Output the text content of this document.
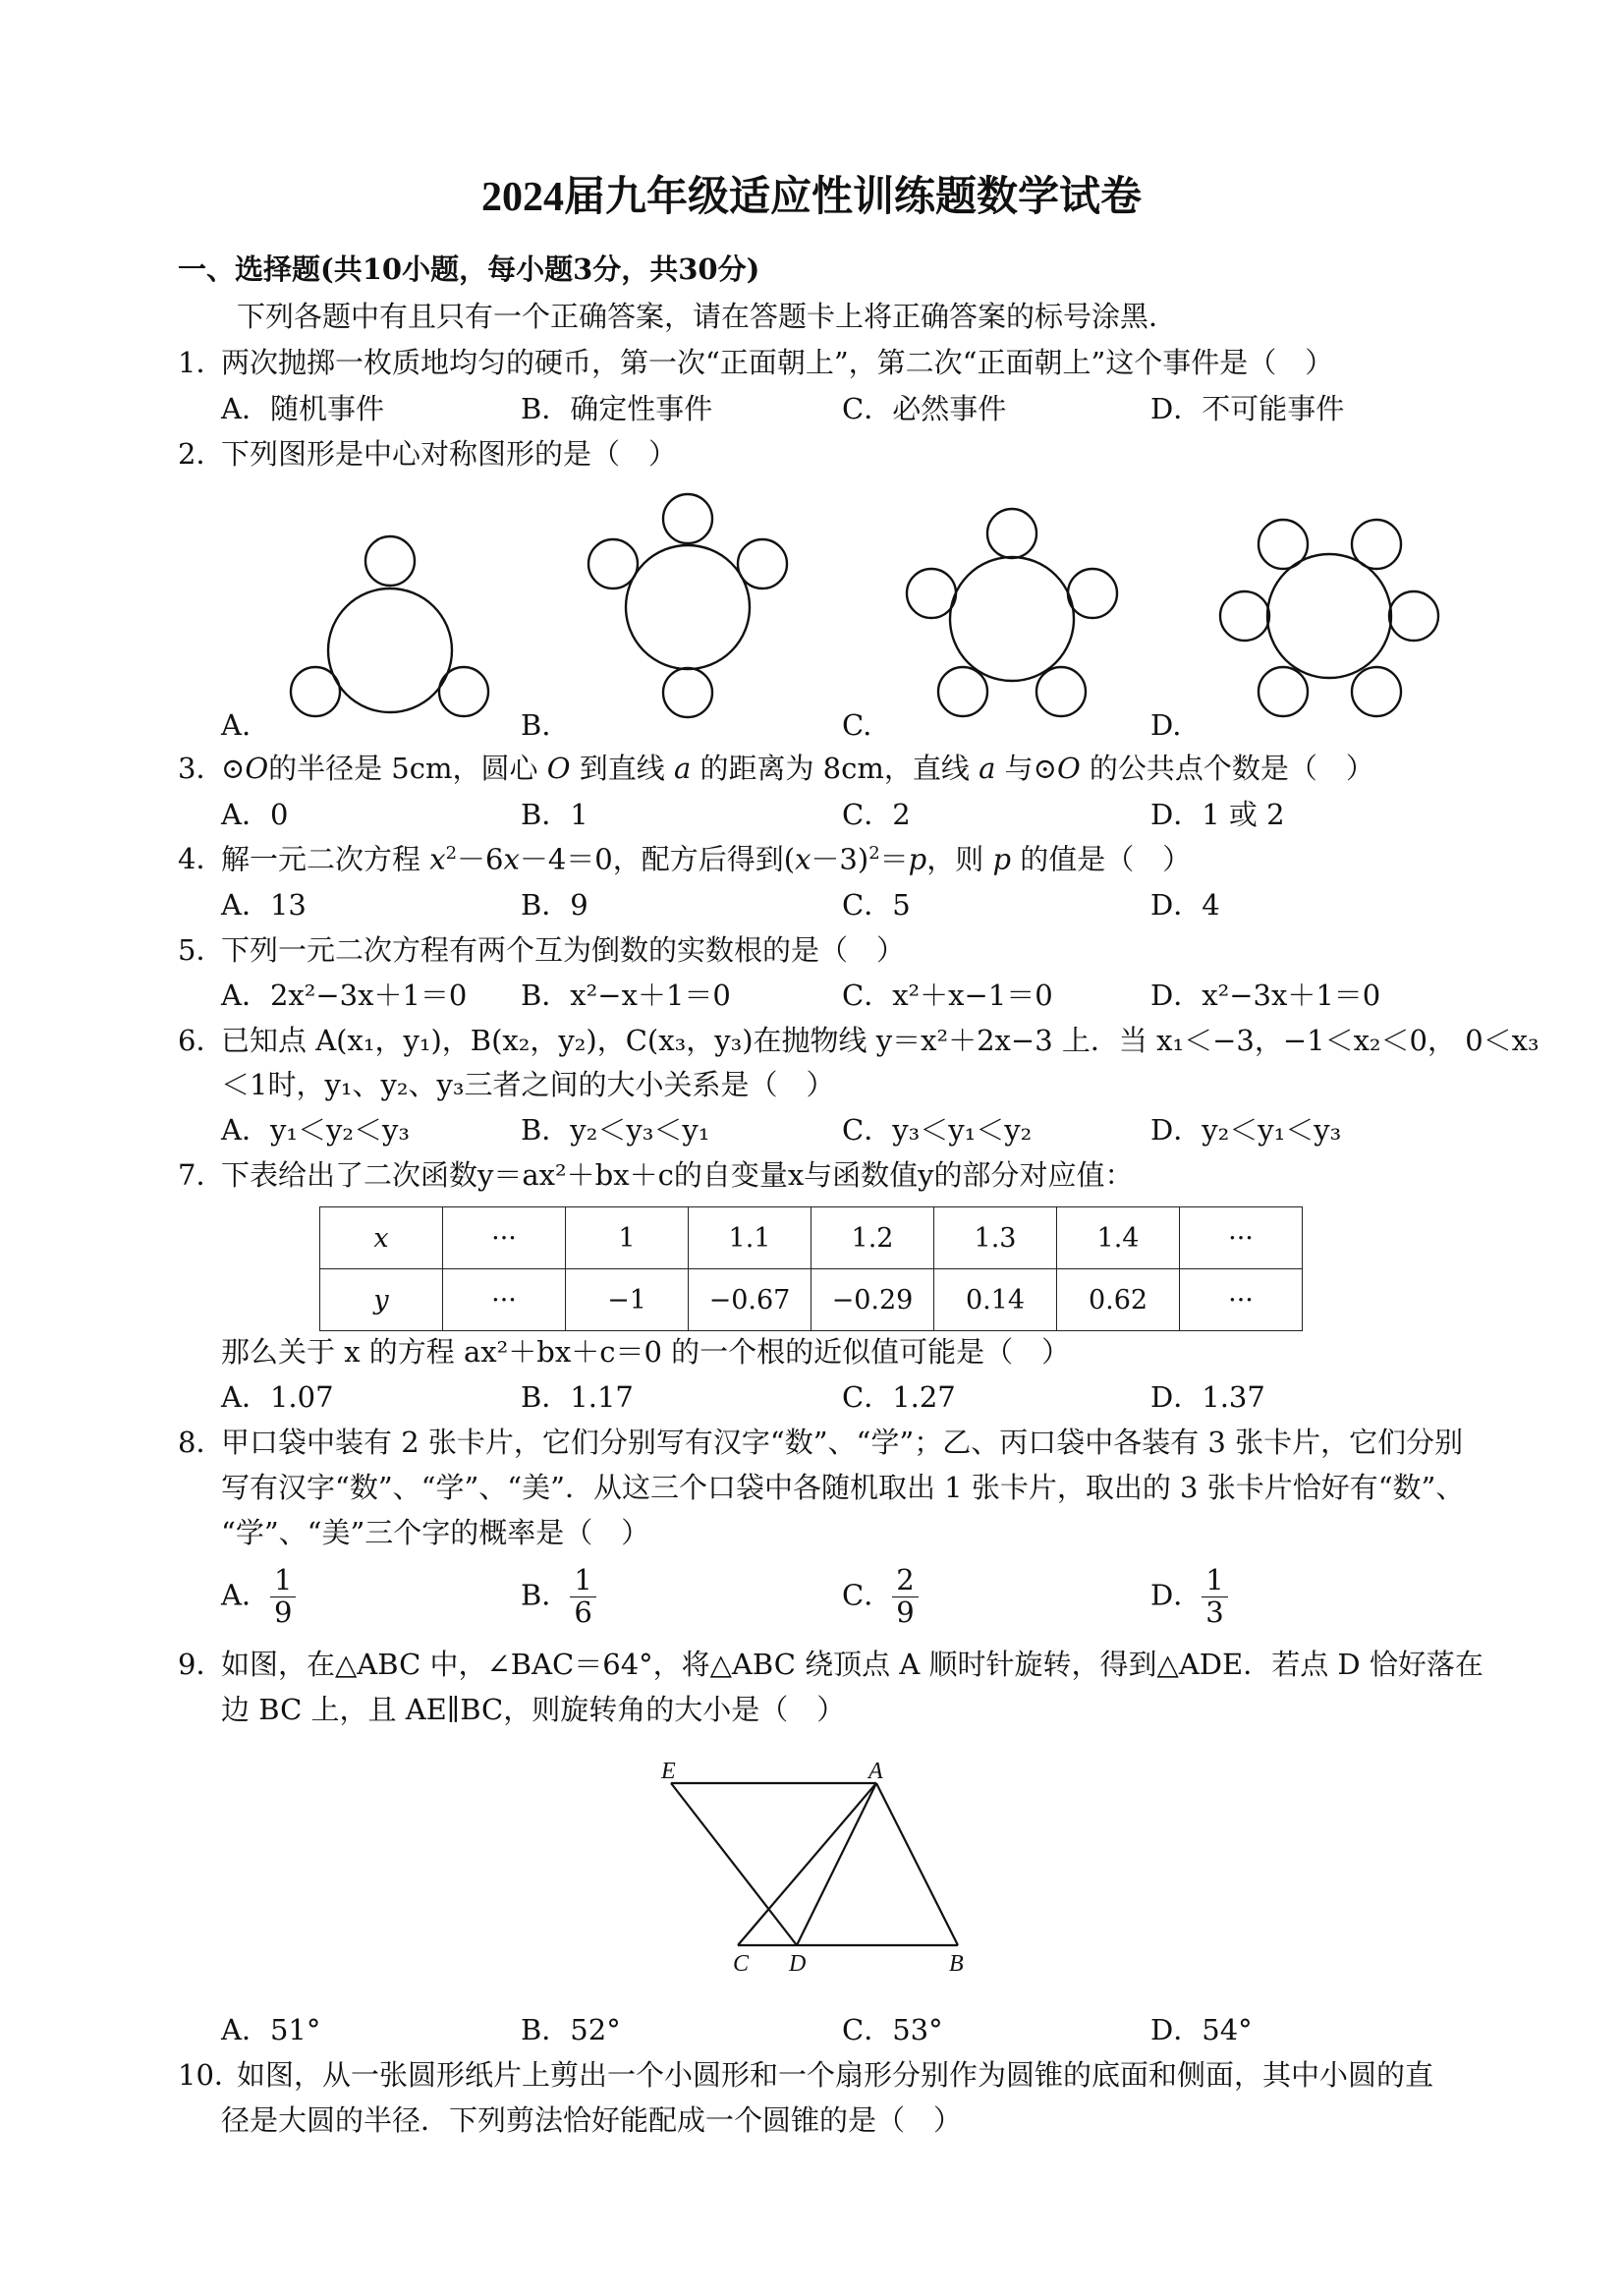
2024届九年级适应性训练题数学试卷
一、选择题(共10小题，每小题3分，共30分)
下列各题中有且只有一个正确答案，请在答题卡上将正确答案的标号涂黑．
1．
两次抛掷一枚质地均匀的硬币，第一次“正面朝上”，第二次“正面朝上”这个事件是（　）
A．随机事件	B．确定性事件	C．必然事件	D．不可能事件
2．
下列图形是中心对称图形的是（　）
A.	B.	C.	D.
3．
⊙O的半径是 5cm，圆心 O 到直线 a 的距离为 8cm，直线 a 与⊙O 的公共点个数是（　）
A．0	B．1	C．2	D．1 或 2
4．
解一元二次方程 $x^2-6x-4=0$，配方后得到$(x-3)^2=p$，则 p 的值是（　）
A．13	B．9	C．5	D．4
5．
下列一元二次方程有两个互为倒数的实数根的是（　）
A．2x²−3x＋1＝0 B．x²−x＋1＝0	C．x²＋x−1＝0	D．x²−3x＋1＝0
6．
已知点 A(x₁，y₁)，B(x₂，y₂)，C(x₃，y₃)在抛物线 y＝x²＋2x−3 上．当 x₁＜−3，−1＜x₂＜0， 0＜x₃
＜1时，y₁、y₂、y₃三者之间的大小关系是（　）
A．y₁＜y₂＜y₃	B．y₂＜y₃＜y₁	C．y₃＜y₁＜y₂	D．y₂＜y₁＜y₃
7．
下表给出了二次函数y＝ax²＋bx＋c的自变量x与函数值y的部分对应值：
x	···	1	1.1	1.2	1.3	1.4	···
y	···	−1	−0.67	−0.29	0.14	0.62	···
那么关于 x 的方程 ax²＋bx＋c＝0 的一个根的近似值可能是（　）
A．1.07	B．1.17	C．1.27	D．1.37
8．
甲口袋中装有 2 张卡片，它们分别写有汉字“数”、“学”；乙、丙口袋中各装有 3 张卡片，它们分别
写有汉字“数”、“学”、“美”．从这三个口袋中各随机取出 1 张卡片，取出的 3 张卡片恰好有“数”、
“学”、“美”三个字的概率是（　）
A． $\frac{1}{9}$	B． $\frac{1}{6}$	C． $\frac{2}{9}$	D． $\frac{1}{3}$
9．
如图，在△ABC 中，∠BAC＝64°，将△ABC 绕顶点 A 顺时针旋转，得到△ADE．若点 D 恰好落在
边 BC 上，且 AE∥BC，则旋转角的大小是（　）
E	A
C D	B
A．51°	B．52°	C．53°	D．54°
10．
如图，从一张圆形纸片上剪出一个小圆形和一个扇形分别作为圆锥的底面和侧面，其中小圆的直
径是大圆的半径．下列剪法恰好能配成一个圆锥的是（　）
